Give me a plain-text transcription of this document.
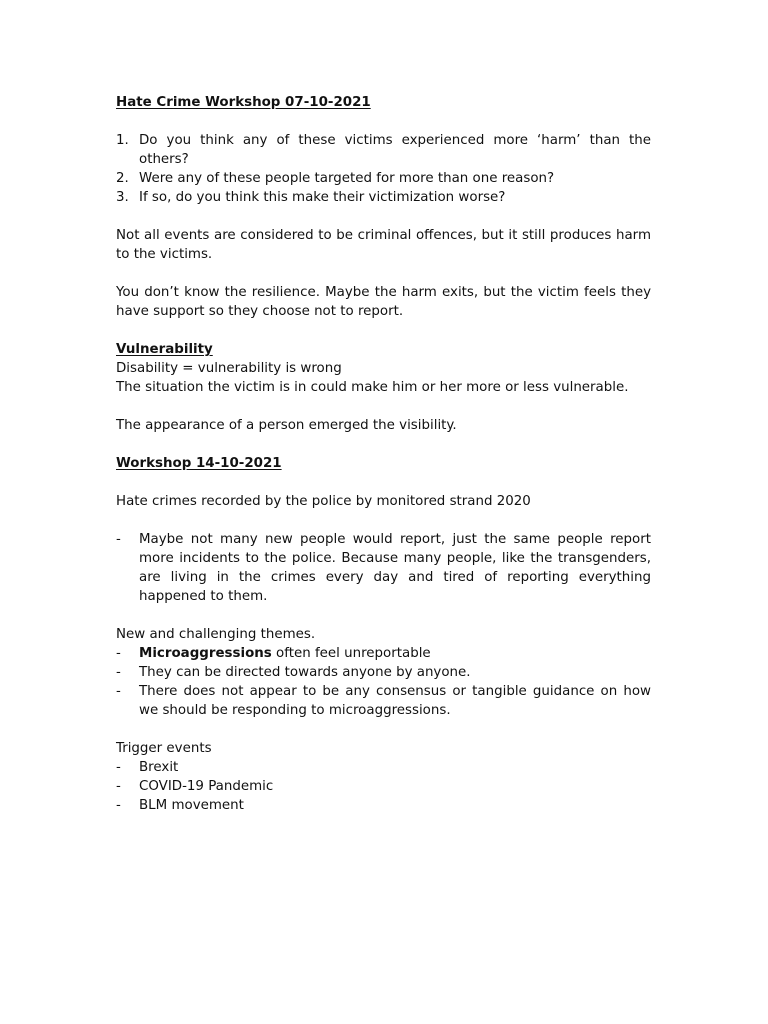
Hate Crime Workshop 07-10-2021

1. Do you think any of these victims experienced more ‘harm’ than the others?
2. Were any of these people targeted for more than one reason?
3. If so, do you think this make their victimization worse?

Not all events are considered to be criminal offences, but it still produces harm to the victims.

You don’t know the resilience. Maybe the harm exits, but the victim feels they have support so they choose not to report.

Vulnerability

Disability = vulnerability is wrong

The situation the victim is in could make him or her more or less vulnerable.

The appearance of a person emerged the visibility.

Workshop 14-10-2021

Hate crimes recorded by the police by monitored strand 2020

- Maybe not many new people would report, just the same people report more incidents to the police. Because many people, like the transgenders, are living in the crimes every day and tired of reporting everything happened to them.

New and challenging themes.

- Microaggressions often feel unreportable
- They can be directed towards anyone by anyone.
- There does not appear to be any consensus or tangible guidance on how we should be responding to microaggressions.

Trigger events

- Brexit
- COVID-19 Pandemic
- BLM movement
